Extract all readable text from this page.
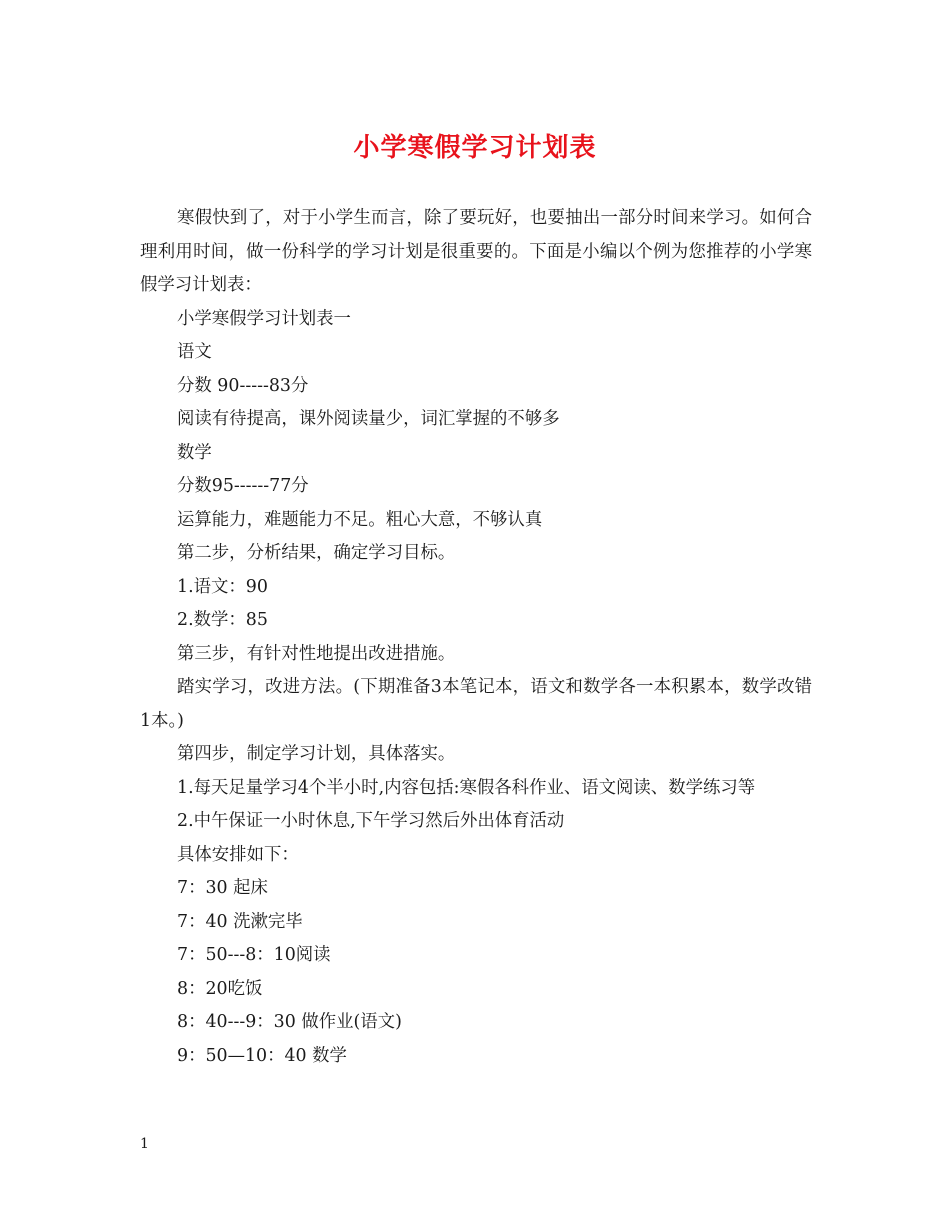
小学寒假学习计划表

寒假快到了，对于小学生而言，除了要玩好，也要抽出一部分时间来学习。如何合理利用时间，做一份科学的学习计划是很重要的。下面是小编以个例为您推荐的小学寒假学习计划表：

小学寒假学习计划表一

语文

分数 90-----83分

阅读有待提高，课外阅读量少，词汇掌握的不够多

数学

分数95------77分

运算能力，难题能力不足。粗心大意，不够认真

第二步，分析结果，确定学习目标。

1.语文：90

2.数学：85

第三步，有针对性地提出改进措施。

踏实学习，改进方法。(下期准备3本笔记本，语文和数学各一本积累本，数学改错1本。)

第四步，制定学习计划，具体落实。

1.每天足量学习4个半小时,内容包括:寒假各科作业、语文阅读、数学练习等

2.中午保证一小时休息,下午学习然后外出体育活动

具体安排如下：

7：30 起床

7：40 洗漱完毕

7：50---8：10阅读

8：20吃饭

8：40---9：30 做作业(语文)

9：50—10：40 数学

1
